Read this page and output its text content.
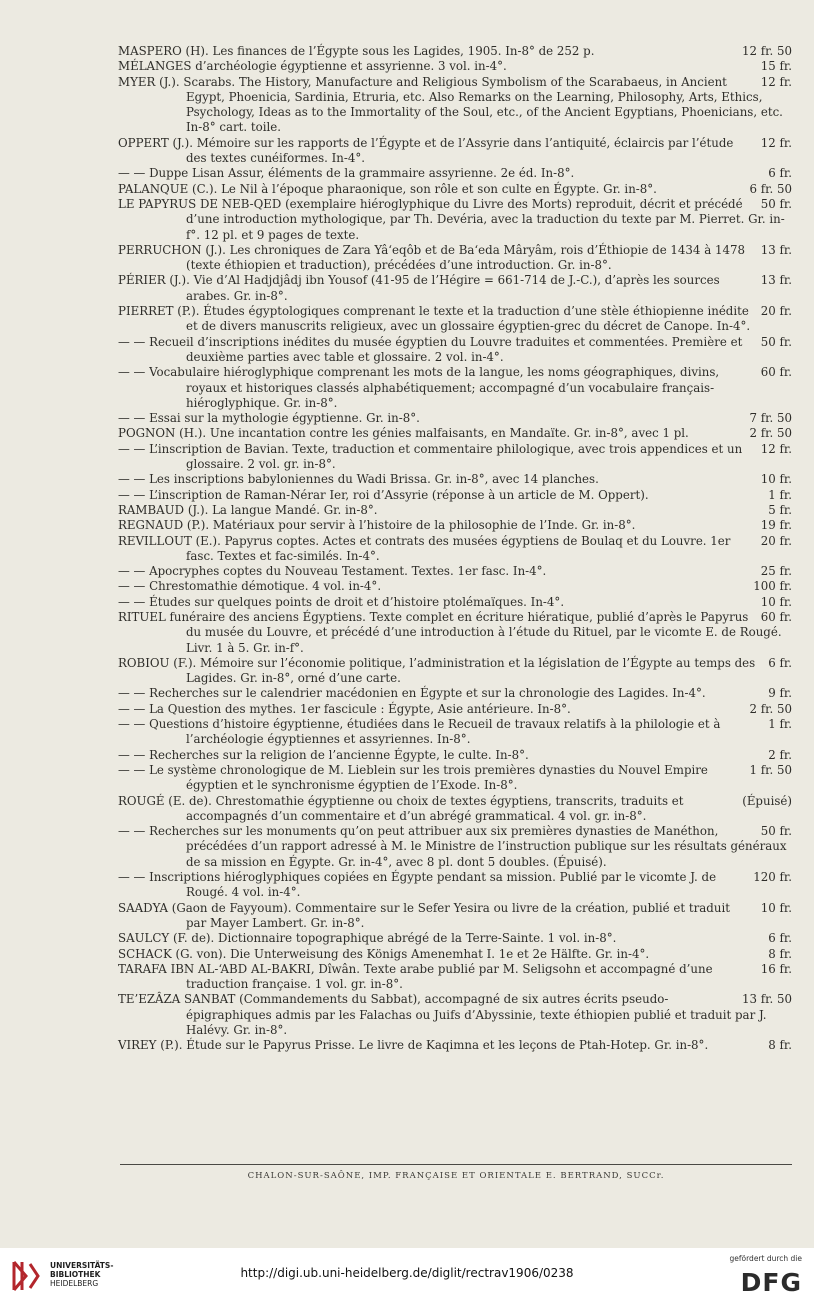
12 fr. 50
MASPERO (H). Les finances de l’Égypte sous les Lagides, 1905. In-8° de 252 p.
15 fr.
MÉLANGES d’archéologie égyptienne et assyrienne. 3 vol. in-4°.
12 fr.
MYER (J.). Scarabs. The History, Manufacture and Religious Symbolism of the Scarabaeus, in Ancient Egypt, Phoenicia, Sardinia, Etruria, etc. Also Remarks on the Learning, Philosophy, Arts, Ethics, Psychology, Ideas as to the Immortality of the Soul, etc., of the Ancient Egyptians, Phoenicians, etc. In-8° cart. toile.
12 fr.
OPPERT (J.). Mémoire sur les rapports de l’Égypte et de l’Assyrie dans l’antiquité, éclaircis par l’étude des textes cunéiformes. In-4°.
6 fr.
— — Duppe Lisan Assur, éléments de la grammaire assyrienne. 2e éd. In-8°.
6 fr. 50
PALANQUE (C.). Le Nil à l’époque pharaonique, son rôle et son culte en Égypte. Gr. in-8°.
50 fr.
LE PAPYRUS DE NEB-QED (exemplaire hiéroglyphique du Livre des Morts) reproduit, décrit et précédé d’une introduction mythologique, par Th. Devéria, avec la traduction du texte par M. Pierret. Gr. in-f°. 12 pl. et 9 pages de texte.
13 fr.
PERRUCHON (J.). Les chroniques de Zara Yâ‘eqôb et de Ba‘eda Mâryâm, rois d’Éthiopie de 1434 à 1478 (texte éthiopien et traduction), précédées d’une introduction. Gr. in-8°.
13 fr.
PÉRIER (J.). Vie d’Al Hadjdjâdj ibn Yousof (41-95 de l’Hégire = 661-714 de J.-C.), d’après les sources arabes. Gr. in-8°.
20 fr.
PIERRET (P.). Études égyptologiques comprenant le texte et la traduction d’une stèle éthiopienne inédite et de divers manuscrits religieux, avec un glossaire égyptien-grec du décret de Canope. In-4°.
50 fr.
— — Recueil d’inscriptions inédites du musée égyptien du Louvre traduites et commentées. Première et deuxième parties avec table et glossaire. 2 vol. in-4°.
60 fr.
— — Vocabulaire hiéroglyphique comprenant les mots de la langue, les noms géographiques, divins, royaux et historiques classés alphabétiquement; accompagné d’un vocabulaire français-hiéroglyphique. Gr. in-8°.
7 fr. 50
— — Essai sur la mythologie égyptienne. Gr. in-8°.
2 fr. 50
POGNON (H.). Une incantation contre les génies malfaisants, en Mandaïte. Gr. in-8°, avec 1 pl.
12 fr.
— — L’inscription de Bavian. Texte, traduction et commentaire philologique, avec trois appendices et un glossaire. 2 vol. gr. in-8°.
10 fr.
— — Les inscriptions babyloniennes du Wadi Brissa. Gr. in-8°, avec 14 planches.
1 fr.
— — L’inscription de Raman-Nérar Ier, roi d’Assyrie (réponse à un article de M. Oppert).
5 fr.
RAMBAUD (J.). La langue Mandé. Gr. in-8°.
19 fr.
REGNAUD (P.). Matériaux pour servir à l’histoire de la philosophie de l’Inde. Gr. in-8°.
20 fr.
REVILLOUT (E.). Papyrus coptes. Actes et contrats des musées égyptiens de Boulaq et du Louvre. 1er fasc. Textes et fac-similés. In-4°.
25 fr.
— — Apocryphes coptes du Nouveau Testament. Textes. 1er fasc. In-4°.
100 fr.
— — Chrestomathie démotique. 4 vol. in-4°.
10 fr.
— — Études sur quelques points de droit et d’histoire ptolémaïques. In-4°.
60 fr.
RITUEL funéraire des anciens Égyptiens. Texte complet en écriture hiératique, publié d’après le Papyrus du musée du Louvre, et précédé d’une introduction à l’étude du Rituel, par le vicomte E. de Rougé. Livr. 1 à 5. Gr. in-f°.
6 fr.
ROBIOU (F.). Mémoire sur l’économie politique, l’administration et la législation de l’Égypte au temps des Lagides. Gr. in-8°, orné d’une carte.
9 fr.
— — Recherches sur le calendrier macédonien en Égypte et sur la chronologie des Lagides. In-4°.
2 fr. 50
— — La Question des mythes. 1er fascicule : Égypte, Asie antérieure. In-8°.
1 fr.
— — Questions d’histoire égyptienne, étudiées dans le Recueil de travaux relatifs à la philologie et à l’archéologie égyptiennes et assyriennes. In-8°.
2 fr.
— — Recherches sur la religion de l’ancienne Égypte, le culte. In-8°.
1 fr. 50
— — Le système chronologique de M. Lieblein sur les trois premières dynasties du Nouvel Empire égyptien et le synchronisme égyptien de l’Exode. In-8°.
(Épuisé)
ROUGÉ (E. de). Chrestomathie égyptienne ou choix de textes égyptiens, transcrits, traduits et accompagnés d’un commentaire et d’un abrégé grammatical. 4 vol. gr. in-8°.
50 fr.
— — Recherches sur les monuments qu’on peut attribuer aux six premières dynasties de Manéthon, précédées d’un rapport adressé à M. le Ministre de l’instruction publique sur les résultats généraux de sa mission en Égypte. Gr. in-4°, avec 8 pl. dont 5 doubles. (Épuisé).
120 fr.
— — Inscriptions hiéroglyphiques copiées en Égypte pendant sa mission. Publié par le vicomte J. de Rougé. 4 vol. in-4°.
10 fr.
SAADYA (Gaon de Fayyoum). Commentaire sur le Sefer Yesira ou livre de la création, publié et traduit par Mayer Lambert. Gr. in-8°.
6 fr.
SAULCY (F. de). Dictionnaire topographique abrégé de la Terre-Sainte. 1 vol. in-8°.
8 fr.
SCHACK (G. von). Die Unterweisung des Königs Amenemhat I. 1e et 2e Hälfte. Gr. in-4°.
16 fr.
TARAFA IBN AL-‘ABD AL-BAKRI, Dîwân. Texte arabe publié par M. Seligsohn et accompagné d’une traduction française. 1 vol. gr. in-8°.
13 fr. 50
TE’EZÂZA SANBAT (Commandements du Sabbat), accompagné de six autres écrits pseudo-épigraphiques admis par les Falachas ou Juifs d’Abyssinie, texte éthiopien publié et traduit par J. Halévy. Gr. in-8°.
8 fr.
VIREY (P.). Étude sur le Papyrus Prisse. Le livre de Kaqimna et les leçons de Ptah-Hotep. Gr. in-8°.
CHALON-SUR-SAÔNE, IMP. FRANÇAISE ET ORIENTALE E. BERTRAND, SUCCr.
UNIVERSITÄTS-
BIBLIOTHEK
HEIDELBERG
http://digi.ub.uni-heidelberg.de/diglit/rectrav1906/0238
gefördert durch die
DFG
